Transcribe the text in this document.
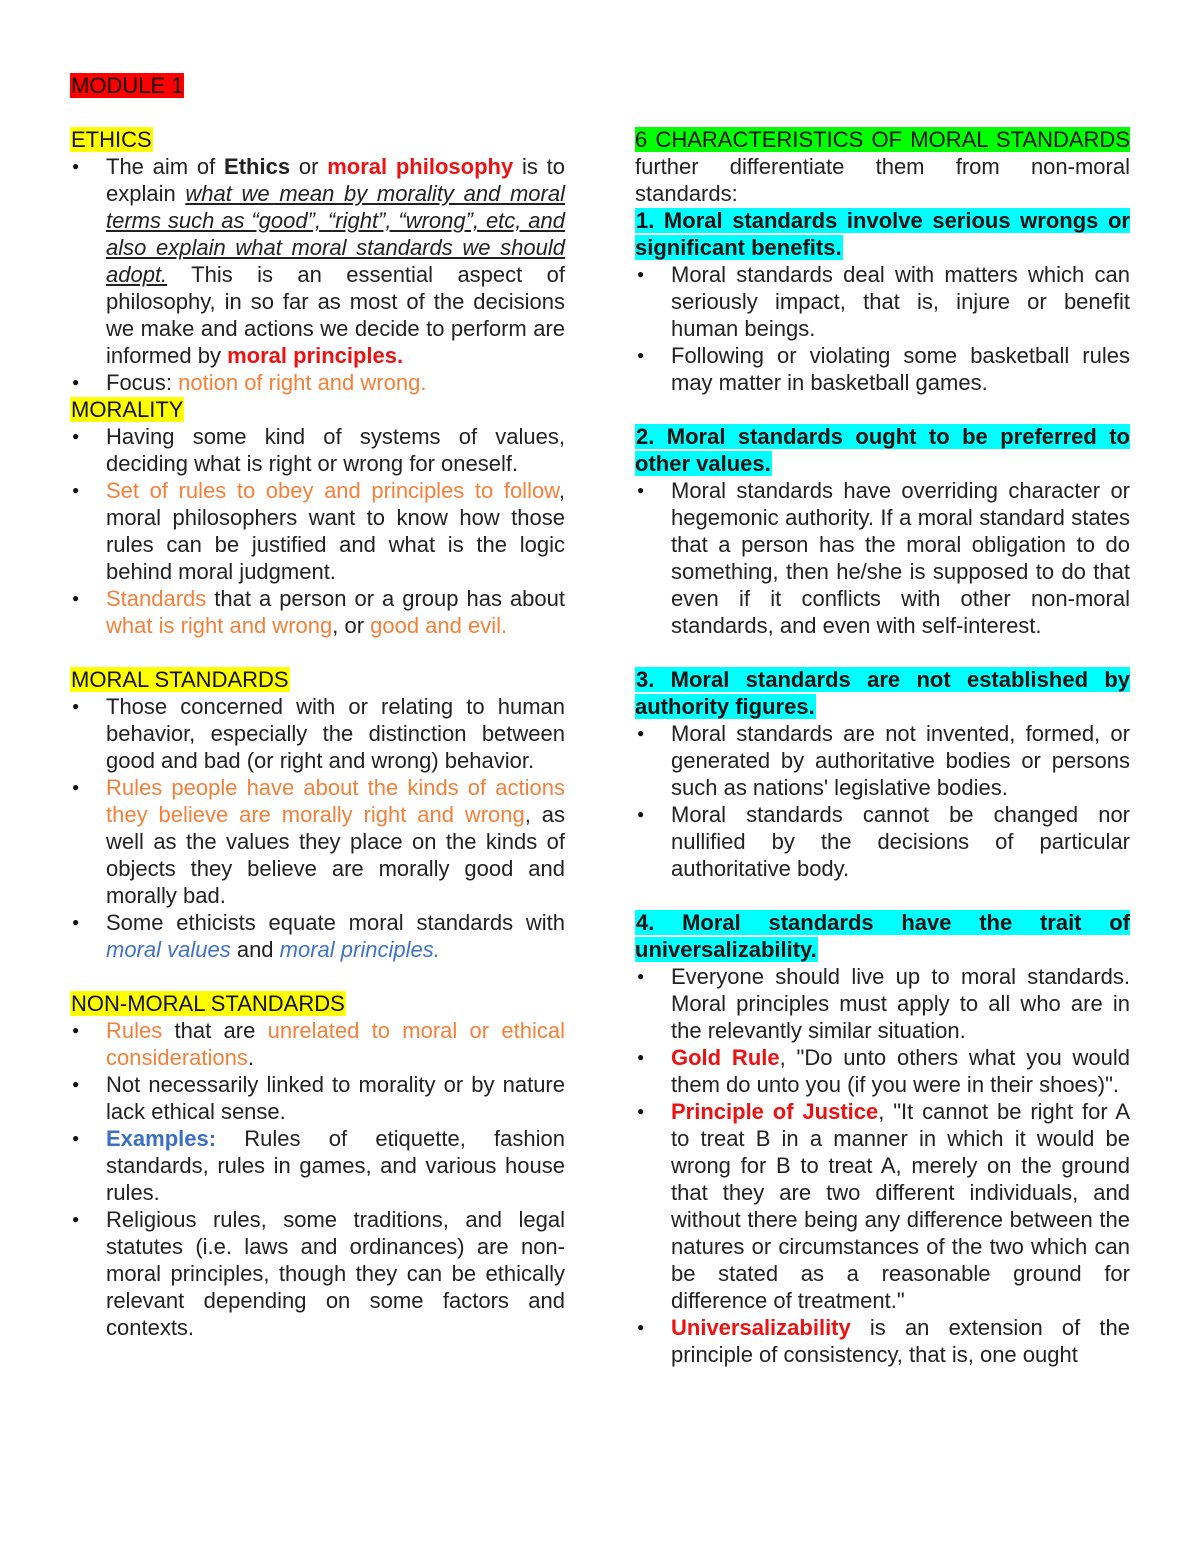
MODULE 1

ETHICS

● The aim of Ethics or moral philosophy is to explain what we mean by morality and moral terms such as “good”, “right”, “wrong”, etc, and also explain what moral standards we should adopt. This is an essential aspect of philosophy, in so far as most of the decisions we make and actions we decide to perform are informed by moral principles.
● Focus: notion of right and wrong.

MORALITY

● Having some kind of systems of values, deciding what is right or wrong for oneself.
● Set of rules to obey and principles to follow, moral philosophers want to know how those rules can be justified and what is the logic behind moral judgment.
● Standards that a person or a group has about what is right and wrong, or good and evil.

MORAL STANDARDS

● Those concerned with or relating to human behavior, especially the distinction between good and bad (or right and wrong) behavior.
● Rules people have about the kinds of actions they believe are morally right and wrong, as well as the values they place on the kinds of objects they believe are morally good and morally bad.
● Some ethicists equate moral standards with moral values and moral principles.

NON-MORAL STANDARDS

● Rules that are unrelated to moral or ethical considerations.
● Not necessarily linked to morality or by nature lack ethical sense.
● Examples: Rules of etiquette, fashion standards, rules in games, and various house rules.
● Religious rules, some traditions, and legal statutes (i.e. laws and ordinances) are non-moral principles, though they can be ethically relevant depending on some factors and contexts.

6 CHARACTERISTICS OF MORAL STANDARDS further differentiate them from non-moral standards:

1. Moral standards involve serious wrongs or significant benefits.

● Moral standards deal with matters which can seriously impact, that is, injure or benefit human beings.
● Following or violating some basketball rules may matter in basketball games.

2. Moral standards ought to be preferred to other values.

● Moral standards have overriding character or hegemonic authority. If a moral standard states that a person has the moral obligation to do something, then he/she is supposed to do that even if it conflicts with other non-moral standards, and even with self-interest.

3. Moral standards are not established by authority figures.

● Moral standards are not invented, formed, or generated by authoritative bodies or persons such as nations' legislative bodies.
● Moral standards cannot be changed nor nullified by the decisions of particular authoritative body.

4. Moral standards have the trait of universalizability.

● Everyone should live up to moral standards. Moral principles must apply to all who are in the relevantly similar situation.
● Gold Rule, "Do unto others what you would them do unto you (if you were in their shoes)".
● Principle of Justice, "It cannot be right for A to treat B in a manner in which it would be wrong for B to treat A, merely on the ground that they are two different individuals, and without there being any difference between the natures or circumstances of the two which can be stated as a reasonable ground for difference of treatment."
● Universalizability is an extension of the principle of consistency, that is, one ought
